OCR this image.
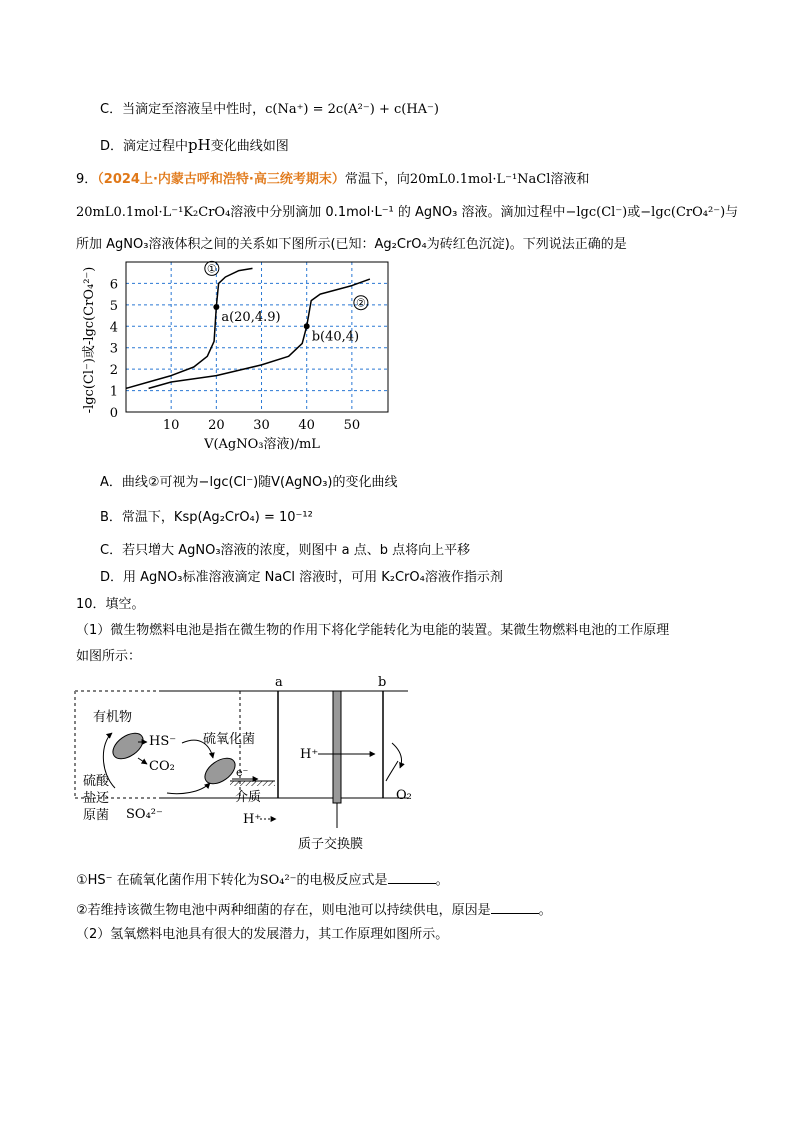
C．当滴定至溶液呈中性时，c(Na⁺) = 2c(A²⁻) + c(HA⁻)
D．滴定过程中pH变化曲线如图
9．（2024上·内蒙古呼和浩特·高三统考期末）常温下，向20mL0.1mol·L⁻¹NaCl溶液和
20mL0.1mol·L⁻¹K₂CrO₄溶液中分别滴加 0.1mol·L⁻¹ 的 AgNO₃ 溶液。滴加过程中−lgc(Cl⁻)或−lgc(CrO₄²⁻)与
所加 AgNO₃溶液体积之间的关系如下图所示(已知：Ag₂CrO₄为砖红色沉淀)。下列说法正确的是
0
1
2
3
4
5
6
10 20 30 40 50
①
②
a(20,4.9)
b(40,4)
-lgc(Cl⁻)或-lgc(CrO₄²⁻)
V(AgNO₃溶液)/mL
A．曲线②可视为−lgc(Cl⁻)随V(AgNO₃)的变化曲线
B．常温下，Ksp(Ag₂CrO₄) = 10⁻¹²
C．若只增大 AgNO₃溶液的浓度，则图中 a 点、b 点将向上平移
D．用 AgNO₃标准溶液滴定 NaCl 溶液时，可用 K₂CrO₄溶液作指示剂
10．填空。
（1）微生物燃料电池是指在微生物的作用下将化学能转化为电能的装置。某微生物燃料电池的工作原理
如图所示：
a	b
质子交换膜
H⁺
O₂
有机物
HS⁻
CO₂
硫酸
盐还
原菌
硫氧化菌
e⁻
介质
SO₄²⁻	H⁺
①HS⁻ 在硫氧化菌作用下转化为SO₄²⁻的电极反应式是	。
②若维持该微生物电池中两种细菌的存在，则电池可以持续供电，原因是	。
（2）氢氧燃料电池具有很大的发展潜力，其工作原理如图所示。
